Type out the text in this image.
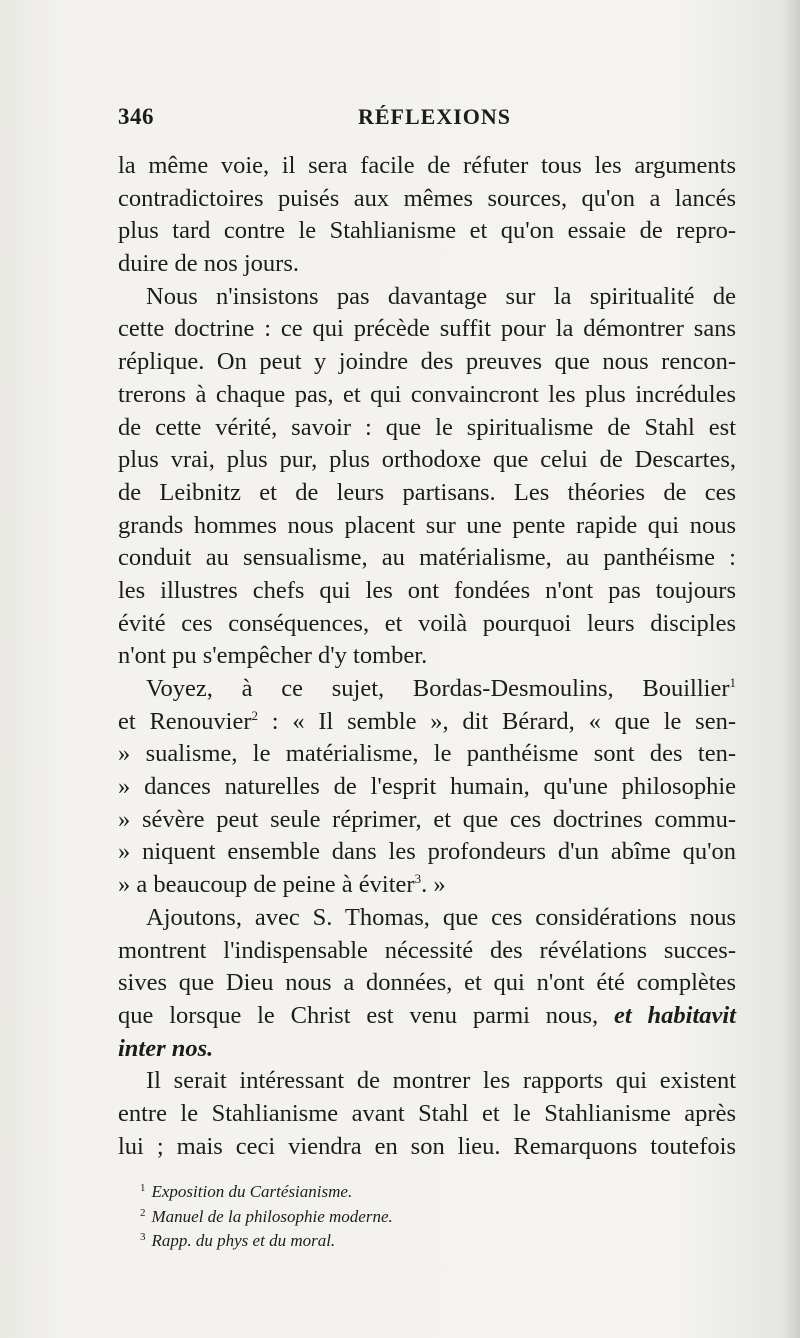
346	RÉFLEXIONS
la même voie, il sera facile de réfuter tous les arguments
contradictoires puisés aux mêmes sources, qu'on a lancés
plus tard contre le Stahlianisme et qu'on essaie de repro-
duire de nos jours.
Nous n'insistons pas davantage sur la spiritualité de
cette doctrine : ce qui précède suffit pour la démontrer sans
réplique. On peut y joindre des preuves que nous rencon-
trerons à chaque pas, et qui convaincront les plus incrédules
de cette vérité, savoir : que le spiritualisme de Stahl est
plus vrai, plus pur, plus orthodoxe que celui de Descartes,
de Leibnitz et de leurs partisans. Les théories de ces
grands hommes nous placent sur une pente rapide qui nous
conduit au sensualisme, au matérialisme, au panthéisme :
les illustres chefs qui les ont fondées n'ont pas toujours
évité ces conséquences, et voilà pourquoi leurs disciples
n'ont pu s'empêcher d'y tomber.
Voyez, à ce sujet, Bordas-Desmoulins, Bouillier$^1$
et Renouvier$^2$ : « Il semble », dit Bérard, « que le sen-
» sualisme, le matérialisme, le panthéisme sont des ten-
» dances naturelles de l'esprit humain, qu'une philosophie
» sévère peut seule réprimer, et que ces doctrines commu-
» niquent ensemble dans les profondeurs d'un abîme qu'on
» a beaucoup de peine à éviter$^3$. »
Ajoutons, avec S. Thomas, que ces considérations nous
montrent l'indispensable nécessité des révélations succes-
sives que Dieu nous a données, et qui n'ont été complètes
que lorsque le Christ est venu parmi nous, et habitavit
inter nos.
Il serait intéressant de montrer les rapports qui existent
entre le Stahlianisme avant Stahl et le Stahlianisme après
lui ; mais ceci viendra en son lieu. Remarquons toutefois
$^1$ Exposition du Cartésianisme.
$^2$ Manuel de la philosophie moderne.
$^3$ Rapp. du phys et du moral.
